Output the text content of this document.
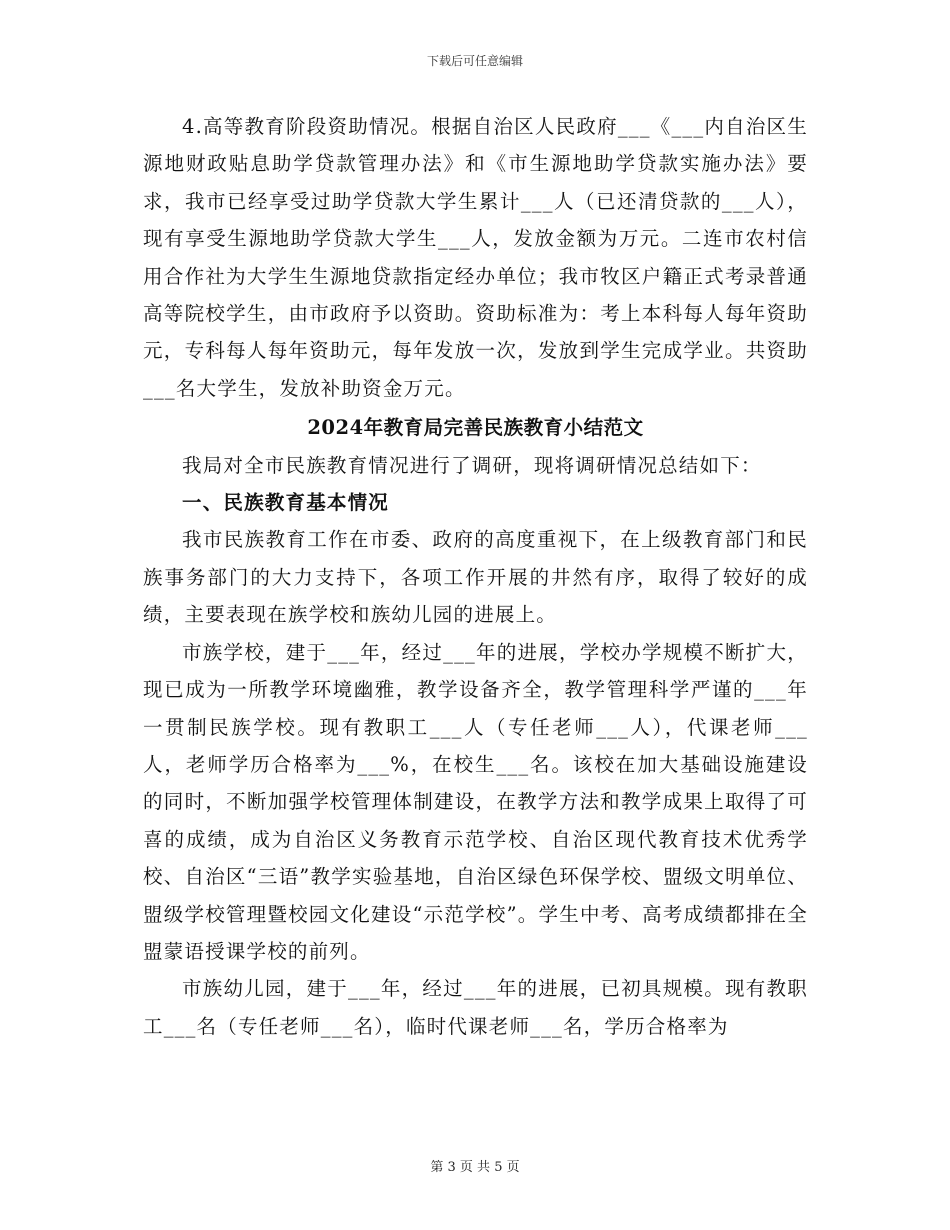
下载后可任意编辑

4.高等教育阶段资助情况。根据自治区人民政府___《___内自治区生源地财政贴息助学贷款管理办法》和《市生源地助学贷款实施办法》要求，我市已经享受过助学贷款大学生累计___人（已还清贷款的___人），现有享受生源地助学贷款大学生___人，发放金额为万元。二连市农村信用合作社为大学生生源地贷款指定经办单位；我市牧区户籍正式考录普通高等院校学生，由市政府予以资助。资助标准为：考上本科每人每年资助元，专科每人每年资助元，每年发放一次，发放到学生完成学业。共资助___名大学生，发放补助资金万元。

2024年教育局完善民族教育小结范文

我局对全市民族教育情况进行了调研，现将调研情况总结如下：

一、民族教育基本情况

我市民族教育工作在市委、政府的高度重视下，在上级教育部门和民族事务部门的大力支持下，各项工作开展的井然有序，取得了较好的成绩，主要表现在族学校和族幼儿园的进展上。

市族学校，建于___年，经过___年的进展，学校办学规模不断扩大，现已成为一所教学环境幽雅，教学设备齐全，教学管理科学严谨的___年一贯制民族学校。现有教职工___人（专任老师___人），代课老师___人，老师学历合格率为___%，在校生___名。该校在加大基础设施建设的同时，不断加强学校管理体制建设，在教学方法和教学成果上取得了可喜的成绩，成为自治区义务教育示范学校、自治区现代教育技术优秀学校、自治区“三语”教学实验基地，自治区绿色环保学校、盟级文明单位、盟级学校管理暨校园文化建设“示范学校”。学生中考、高考成绩都排在全盟蒙语授课学校的前列。

市族幼儿园，建于___年，经过___年的进展，已初具规模。现有教职工___名（专任老师___名），临时代课老师___名，学历合格率为

第 3 页 共 5 页
